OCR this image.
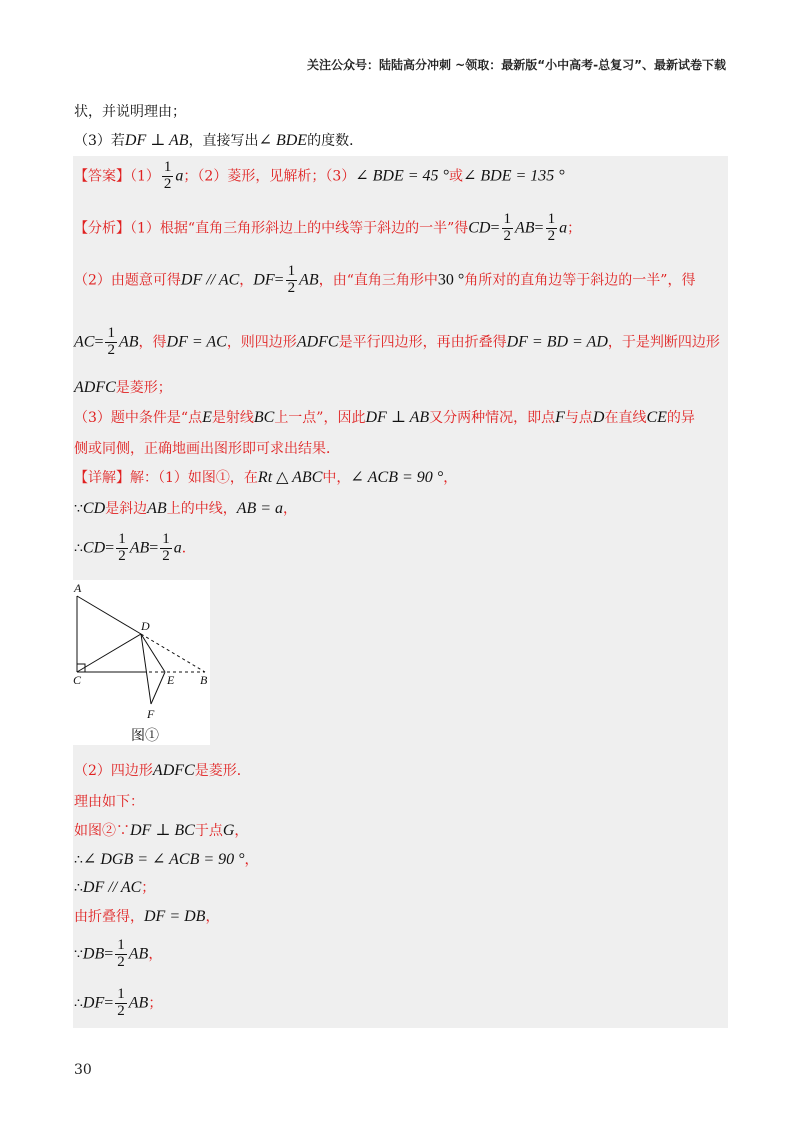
关注公众号：陆陆高分冲刺 ~领取：最新版“小中高考-总复习”、最新试卷下载
状，并说明理由；
（3）若DF ⊥ AB，直接写出∠ BDE的度数．
【答案】$(1) \frac{1}{2}$ a；（2）菱形，见解析；（3）∠ BDE = 45 °或∠ BDE = 135 °
【分析】（1）根据“直角三角形斜边上的中线等于斜边的一半”得$CD= \frac{1}{2} AB= \frac{1}{2}$ a；
（2）由题意可得DF // AC，$DF= \frac{1}{2}$ AB，由“直角三角形中30 °角所对的直角边等于斜边的一半”，得
$AC= \frac{1}{2}$ AB，得DF = AC，则四边形ADFC是平行四边形，再由折叠得DF = BD = AD，于是判断四边形
ADFC是菱形；
（3）题中条件是“点E是射线BC上一点”，因此DF ⊥ AB又分两种情况，即点F与点D在直线CE的异
侧或同侧，正确地画出图形即可求出结果．
【详解】解：（1）如图①，在Rt △ ABC中，∠ ACB = 90 °，
∵CD是斜边AB上的中线，AB = a，
∴CD= $\frac{1}{2} AB= \frac{1}{2}$ a．
A
B
C
D
E
F
图①
（2）四边形ADFC是菱形．
理由如下：
如图②∵DF ⊥ BC于点G，
∴∠ DGB = ∠ ACB = 90 °，
∴DF // AC；
由折叠得，DF = DB，
∵DB= $\frac{1}{2}$ AB，
∴DF= $\frac{1}{2}$ AB；
30
